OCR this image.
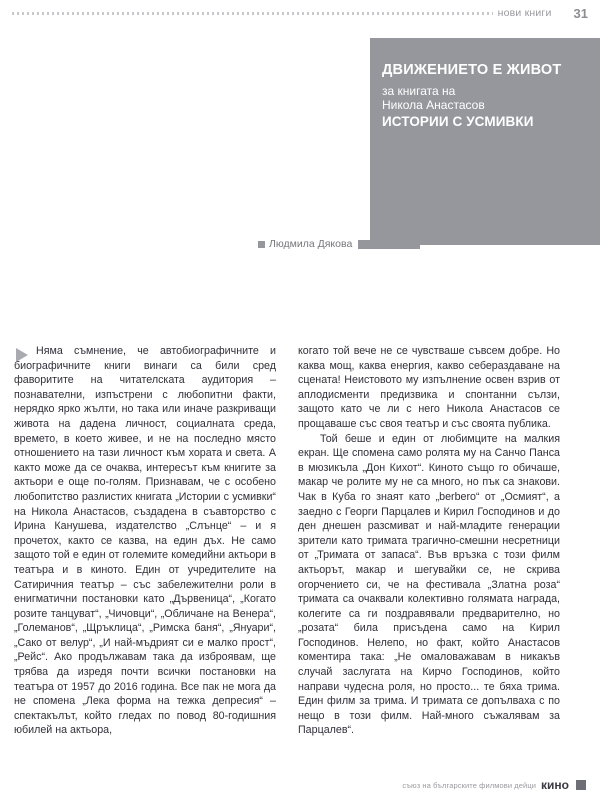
нови книги 31
ДВИЖЕНИЕТО Е ЖИВОТ
за книгата на
Никола Анастасов
ИСТОРИИ С УСМИВКИ
Людмила Дякова

Няма съмнение, че автобиографичните и биографичните книги винаги са били сред фаворитите на читателската аудитория – познавателни, изпъстрени с любопитни факти, нерядко ярко жълти, но така или иначе разкриващи живота на дадена личност, социалната среда, времето, в което живее, и не на последно място отношението на тази личност към хората и света. А както може да се очаква, интересът към книгите за актьори е още по-голям. Признавам, че с особено любопитство разлистих книгата „Истории с усмивки“ на Никола Анастасов, създадена в съавторство с Ирина Канушева, издателство „Слънце“ – и я прочетох, както се казва, на един дъх. Не само защото той е един от големите комедийни актьори в театъра и в киното. Един от учредителите на Сатиричния театър – със забележителни роли в енигматични постановки като „Дървеница“, „Когато розите танцуват“, „Чичовци“, „Обличане на Венера“, „Големанов“, „Щръклица“, „Римска баня“, „Януари“, „Сако от велур“, „И най-мъдрият си е малко прост“, „Рейс“. Ако продължавам така да изброявам, ще трябва да изредя почти всички постановки на театъра от 1957 до 2016 година. Все пак не мога да не спомена „Лека форма на тежка депресия“ – спектакълът, който гледах по повод 80-годишния юбилей на актьора,

когато той вече не се чувстваше съвсем добре. Но каква мощ, каква енергия, какво себераздаване на сцената! Неистовото му изпълнение освен взрив от аплодисменти предизвика и спонтанни сълзи, защото като че ли с него Никола Анастасов се прощаваше със своя театър и със своята публика.

Той беше и един от любимците на малкия екран. Ще спомена само ролята му на Санчо Панса в мюзикъла „Дон Кихот“. Киното също го обичаше, макар че ролите му не са много, но пък са знакови. Чак в Куба го знаят като „berbero“ от „Осмият“, а заедно с Георги Парцалев и Кирил Господинов и до ден днешен разсмиват и най-младите генерации зрители като тримата трагично-смешни несретници от „Тримата от запаса“. Във връзка с този филм актьорът, макар и шегувайки се, не скрива огорчението си, че на фестивала „Златна роза“ тримата са очаквали колективно голямата награда, колегите са ги поздравявали предварително, но „розата“ била присъдена само на Кирил Господинов. Нелепо, но факт, който Анастасов коментира така: „Не омаловажавам в никакъв случай заслугата на Кирчо Господинов, който направи чудесна роля, но просто... те бяха трима. Един филм за трима. И тримата се допълваха с по нещо в този филм. Най-много съжалявам за Парцалев“.

съюз на българските филмови дейци кино
